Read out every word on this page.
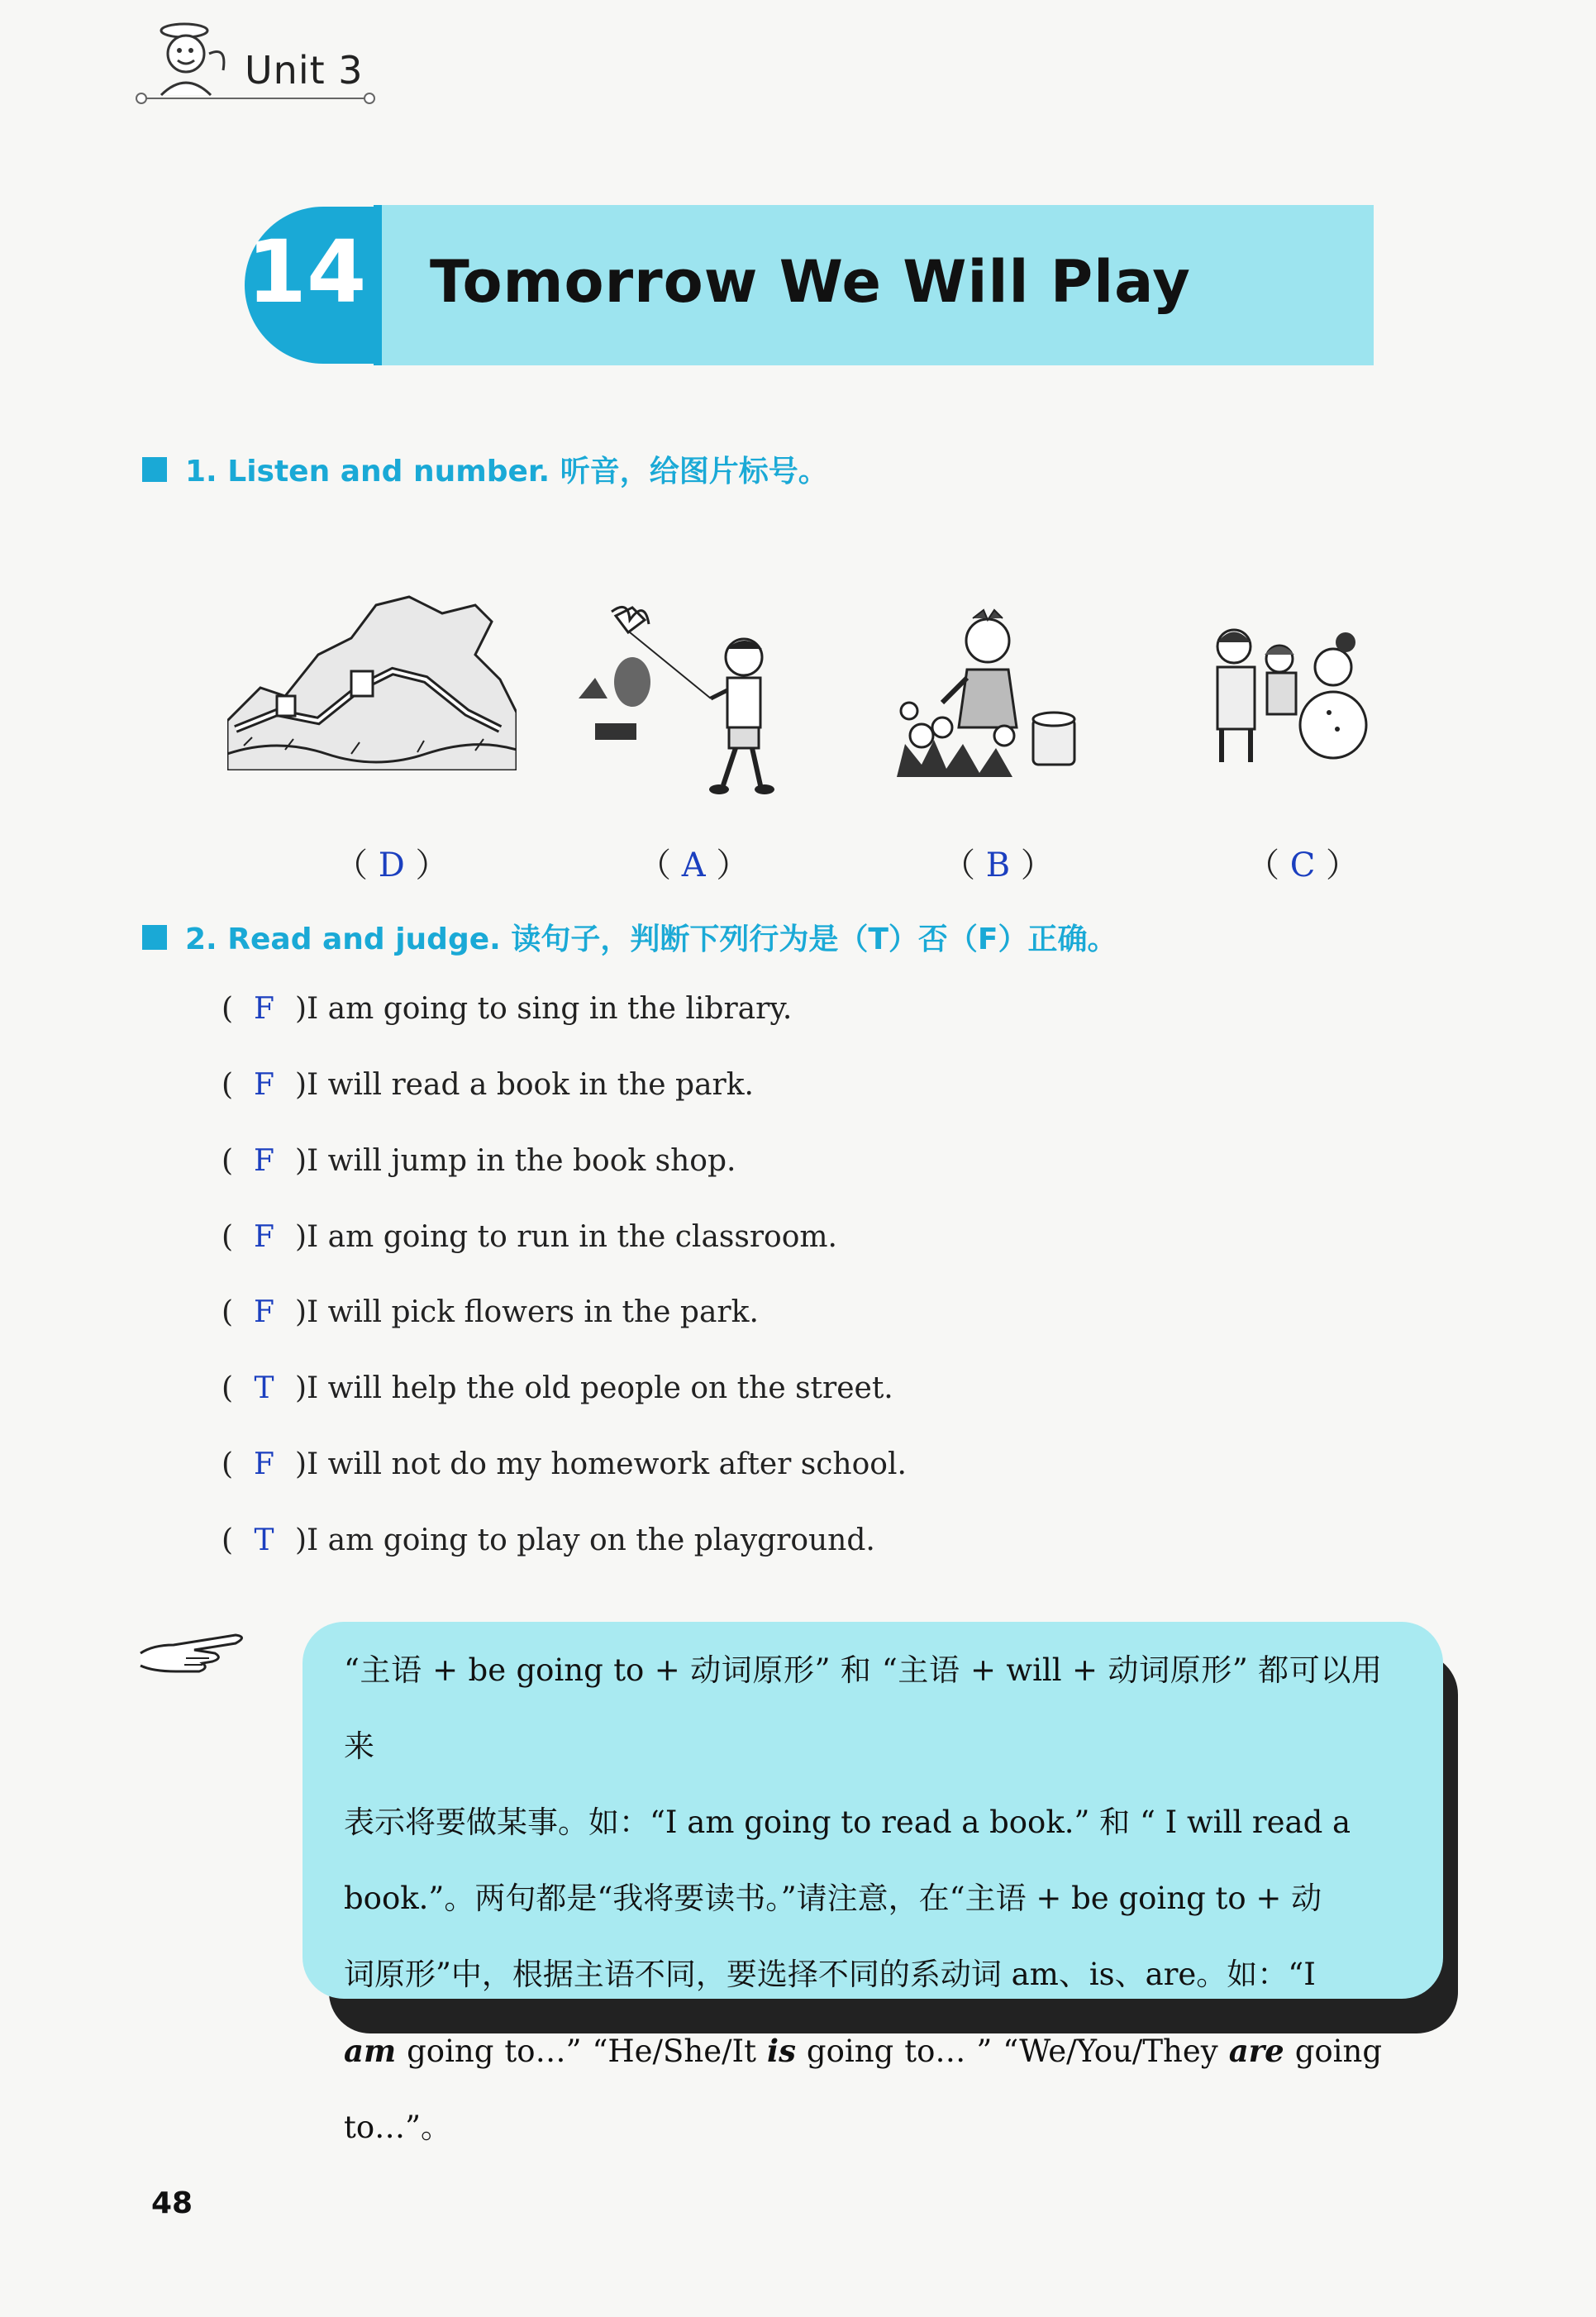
Unit 3
14 Tomorrow We Will Play
1. Listen and number. 听音，给图片标号。
（ D ）	（ A ）	（ B ）	（ C ）
2. Read and judge. 读句子，判断下列行为是（T）否（F）正确。
( F )I am going to sing in the library.
( F )I will read a book in the park.
( F )I will jump in the book shop.
( F )I am going to run in the classroom.
( F )I will pick flowers in the park.
( T )I will help the old people on the street.
( F )I will not do my homework after school.
( T )I am going to play on the playground.
“主语 + be going to + 动词原形” 和 “主语 + will + 动词原形” 都可以用来
表示将要做某事。如：“I am going to read a book.” 和 “ I will read a
book.”。两句都是“我将要读书。”请注意，在“主语 + be going to + 动
词原形”中，根据主语不同，要选择不同的系动词 am、is、are。如：“I
am going to…” “He/She/It is going to… ” “We/You/They are going to…”。
48
